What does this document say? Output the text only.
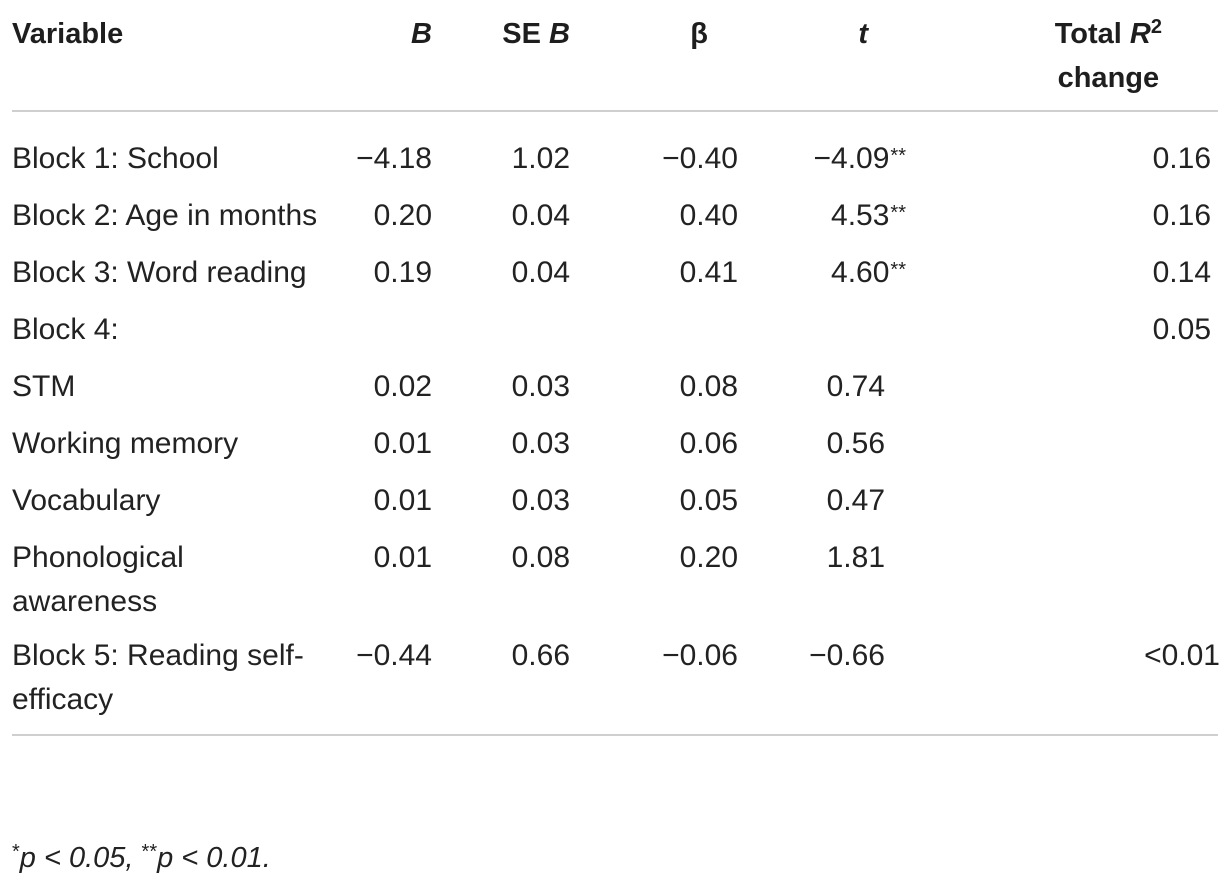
Variable	B	SE B	β	t	Total $R^2$
change
Block 1: School	−4.18	1.02	−0.40	−4.09**	0.16
Block 2: Age in months	0.20	0.04	0.40	4.53**	0.16
Block 3: Word reading	0.19	0.04	0.41	4.60**	0.14
Block 4:					0.05
STM	0.02	0.03	0.08	0.74	
Working memory	0.01	0.03	0.06	0.56	
Vocabulary	0.01	0.03	0.05	0.47	
Phonological awareness	0.01	0.08	0.20	1.81	
Block 5: Reading self-efficacy	−0.44	0.66	−0.06	−0.66	<0.01
*p < 0.05, **p < 0.01.
